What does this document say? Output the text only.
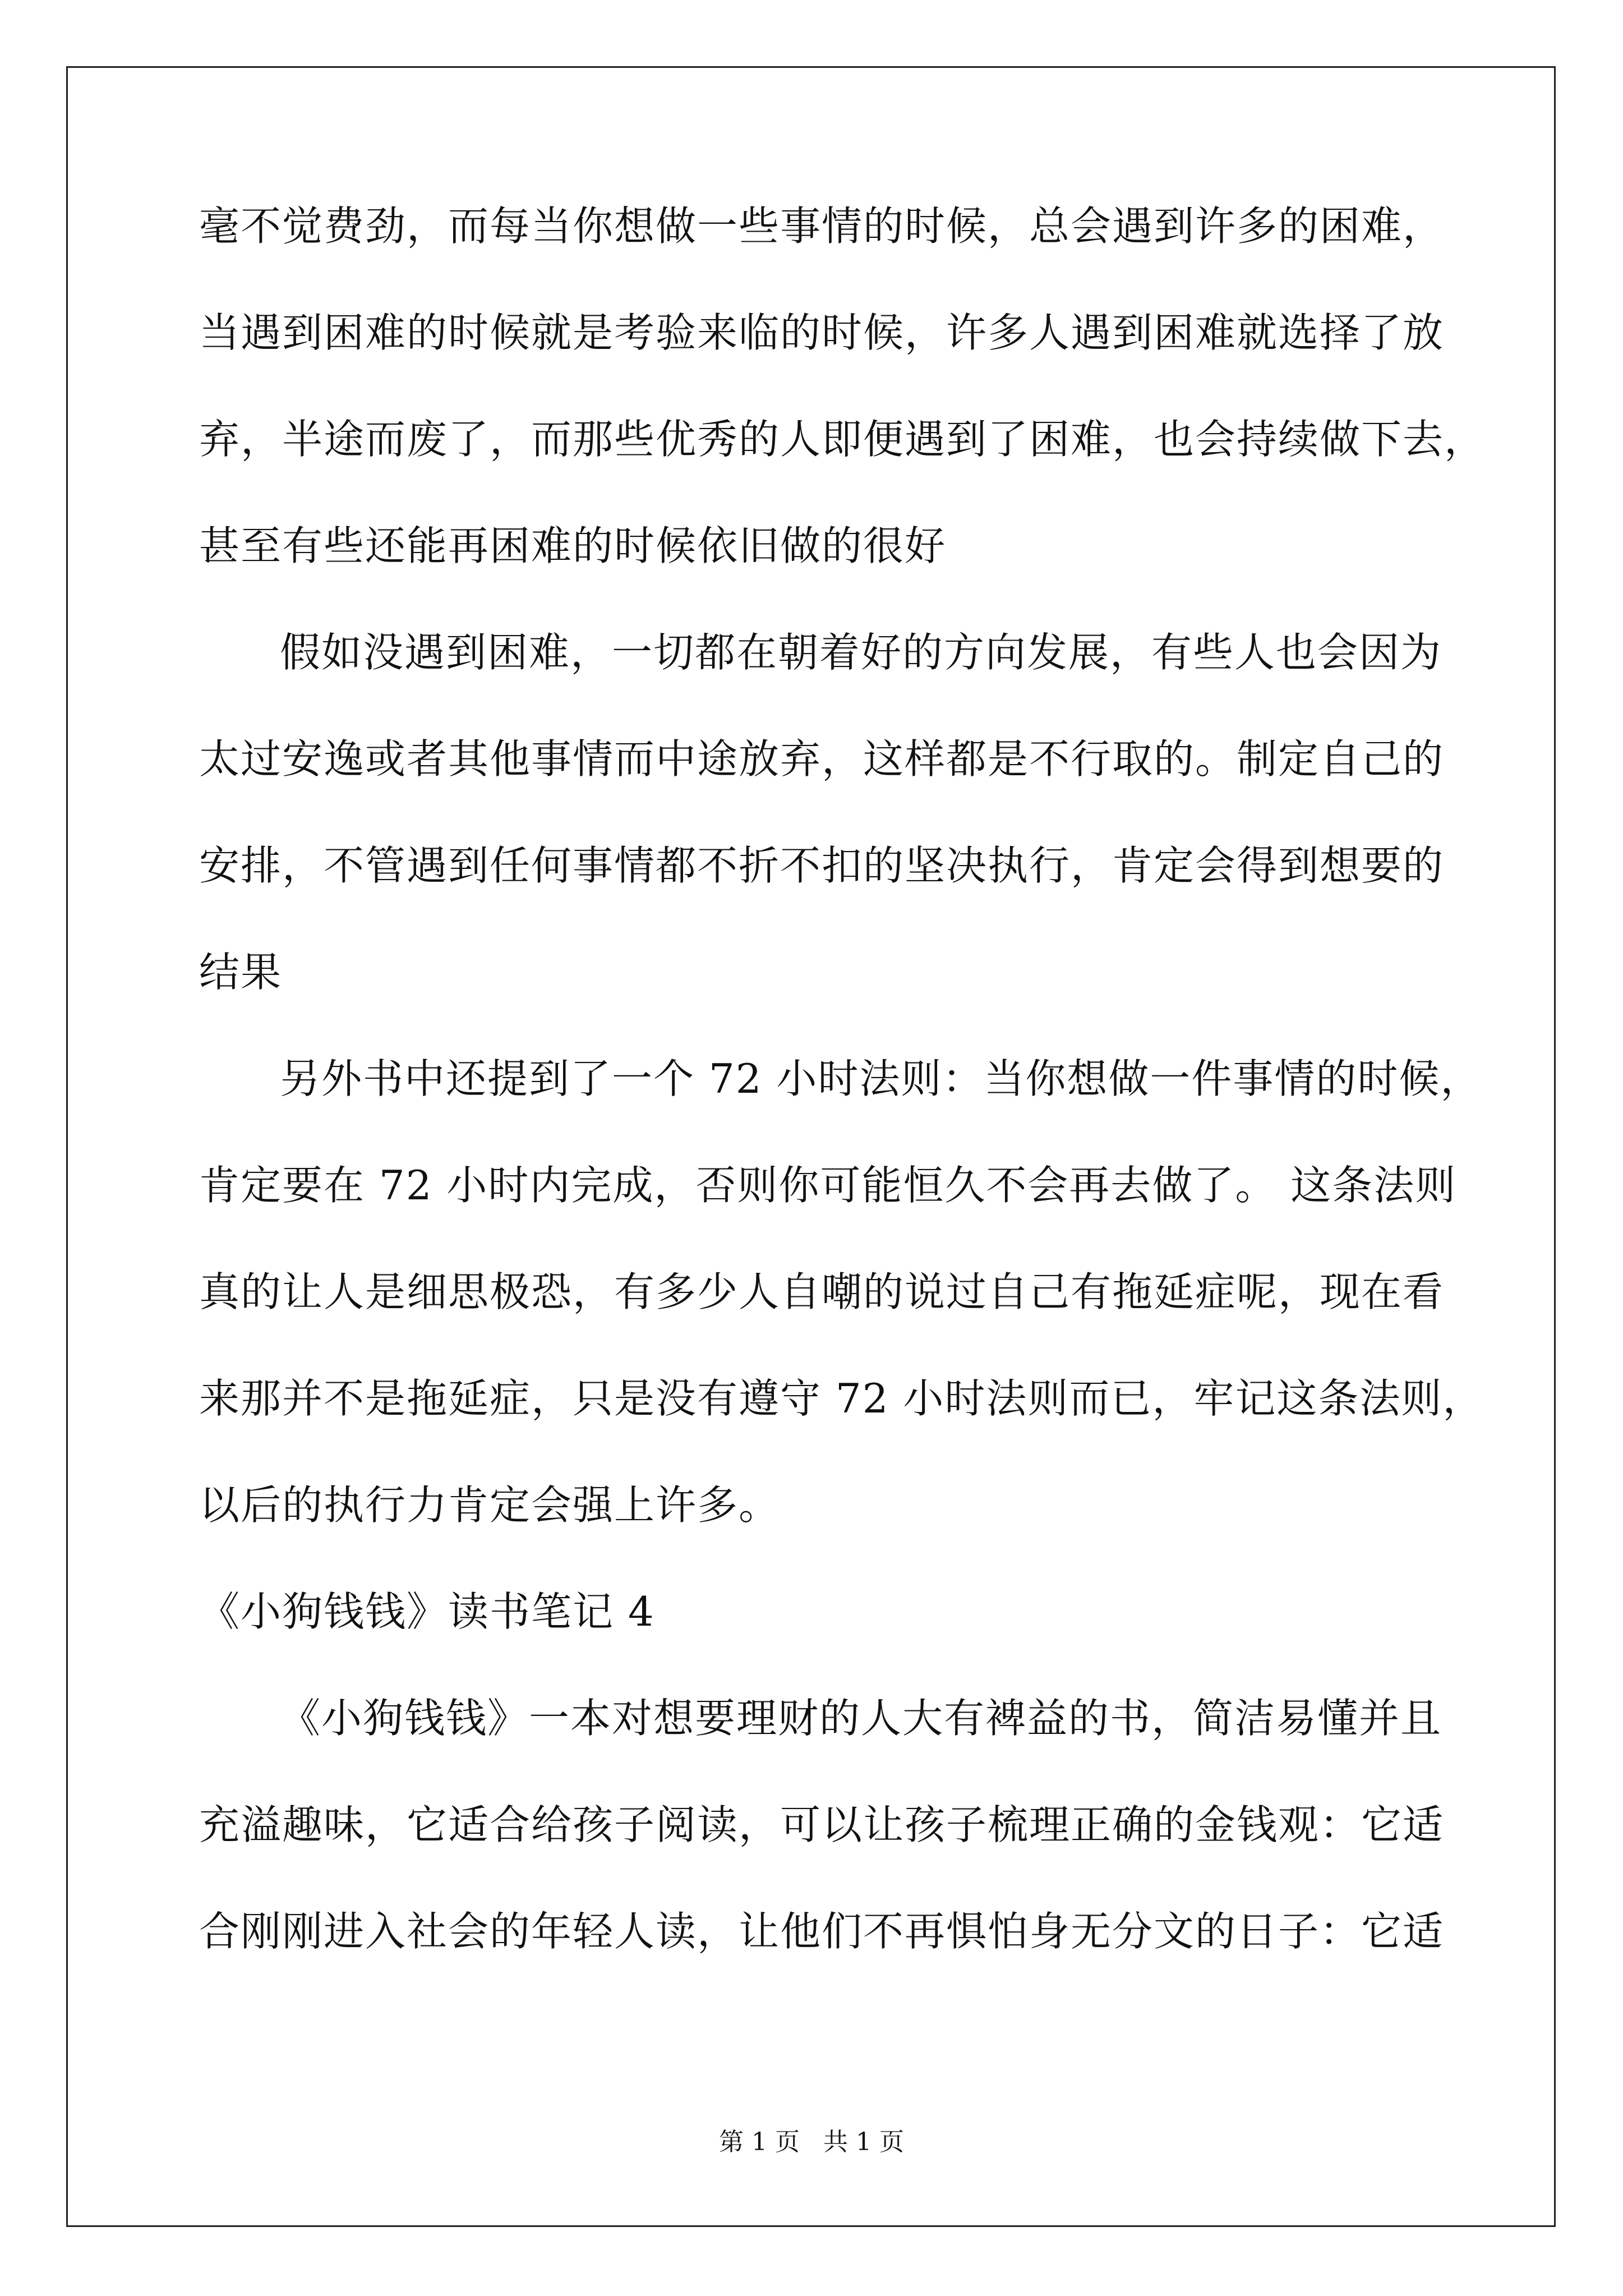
毫不觉费劲，而每当你想做一些事情的时候，总会遇到许多的困难，
当遇到困难的时候就是考验来临的时候，许多人遇到困难就选择了放
弃，半途而废了，而那些优秀的人即便遇到了困难，也会持续做下去，
甚至有些还能再困难的时候依旧做的很好
假如没遇到困难，一切都在朝着好的方向发展，有些人也会因为
太过安逸或者其他事情而中途放弃，这样都是不行取的。制定自己的
安排，不管遇到任何事情都不折不扣的坚决执行，肯定会得到想要的
结果
另外书中还提到了一个 72 小时法则：当你想做一件事情的时候，
肯定要在 72 小时内完成，否则你可能恒久不会再去做了。 这条法则
真的让人是细思极恐，有多少人自嘲的说过自己有拖延症呢，现在看
来那并不是拖延症，只是没有遵守 72 小时法则而已，牢记这条法则，
以后的执行力肯定会强上许多。
《小狗钱钱》读书笔记 4
《小狗钱钱》一本对想要理财的人大有裨益的书，简洁易懂并且
充溢趣味，它适合给孩子阅读，可以让孩子梳理正确的金钱观：它适
合刚刚进入社会的年轻人读，让他们不再惧怕身无分文的日子：它适
第 1 页   共 1 页
